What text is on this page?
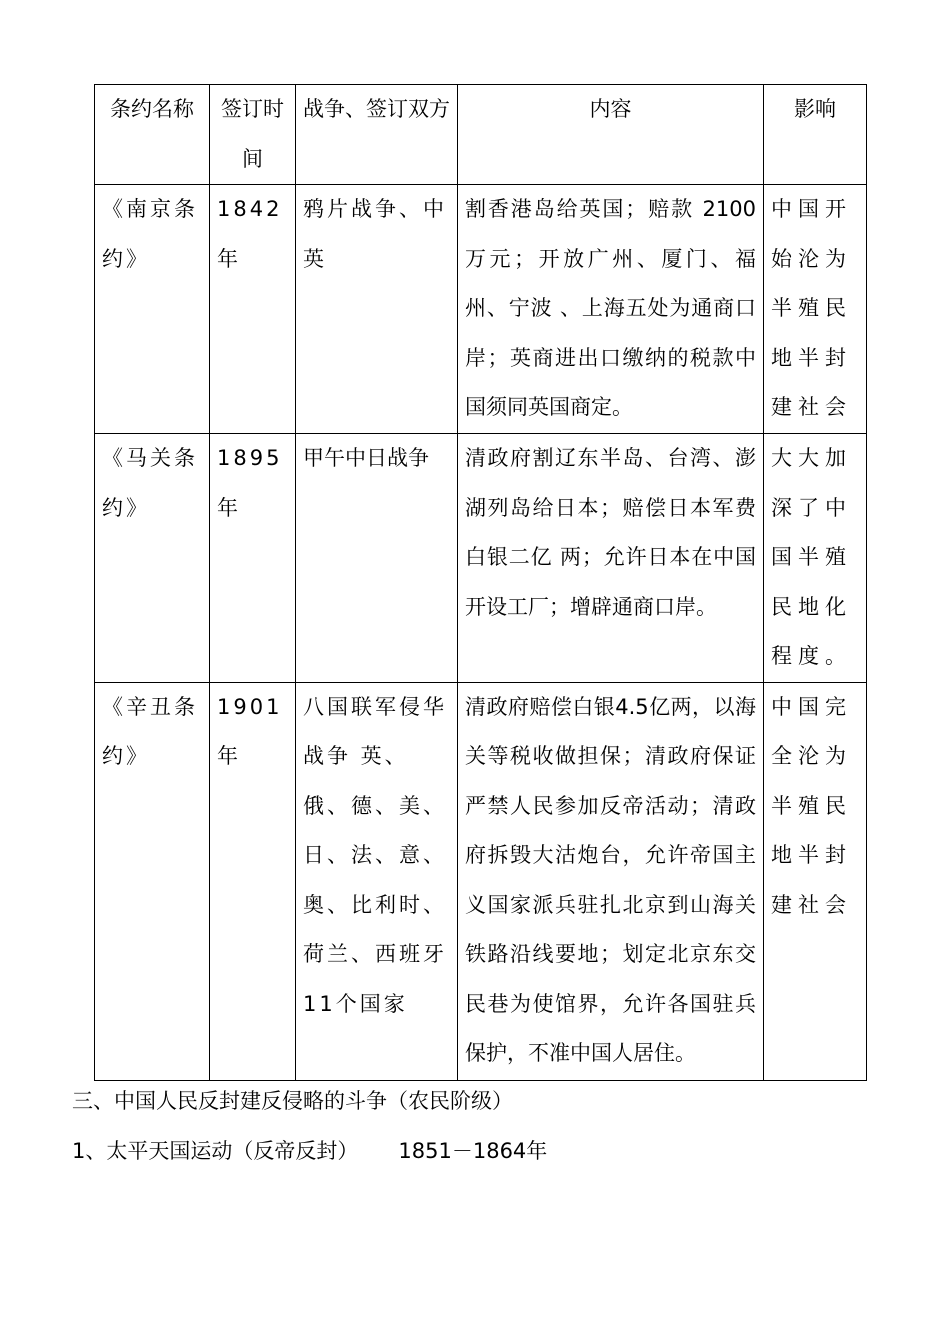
条约名称	签订时间	战争、签订双方	内容	影响
《南京条约》	1842年	鸦片战争、中英	割香港岛给英国；赔款 2100万元；开放广州、厦门、福州、宁波 、上海五处为通商口岸；英商进出口缴纳的税款中国须同英国商定。	中国开始沦为半殖民地半封建社会
《马关条约》	1895年	甲午中日战争	清政府割辽东半岛、台湾、澎湖列岛给日本；赔偿日本军费白银二亿 两；允许日本在中国开设工厂；增辟通商口岸。	大大加深了中国半殖民地化程度。
《辛丑条约》	1901年	八国联军侵华战争 英、俄、德、美、日、法、意、奥、比利时、荷兰、西班牙11个国家	清政府赔偿白银4.5亿两，以海关等税收做担保；清政府保证严禁人民参加反帝活动；清政府拆毁大沽炮台，允许帝国主义国家派兵驻扎北京到山海关铁路沿线要地；划定北京东交民巷为使馆界，允许各国驻兵保护，不准中国人居住。	中国完全沦为半殖民地半封建社会
三、中国人民反封建反侵略的斗争（农民阶级）
1、太平天国运动（反帝反封）      1851－1864年
